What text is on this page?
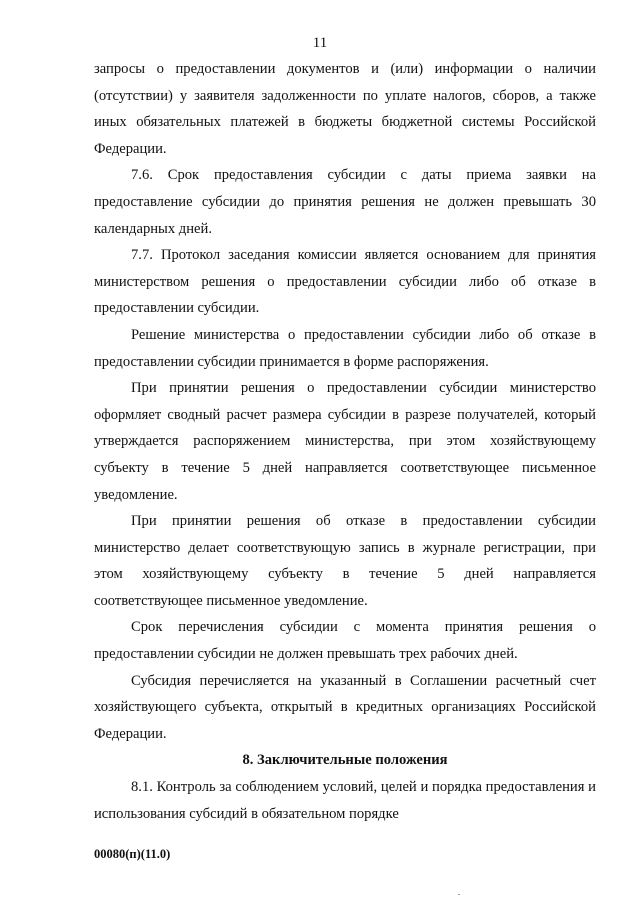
11

запросы о предоставлении документов и (или) информации о наличии (отсутствии) у заявителя задолженности по уплате налогов, сборов, а также иных обязательных платежей в бюджеты бюджетной системы Российской Федерации.

7.6. Срок предоставления субсидии с даты приема заявки на предоставление субсидии до принятия решения не должен превышать 30 календарных дней.

7.7. Протокол заседания комиссии является основанием для принятия министерством решения о предоставлении субсидии либо об отказе в предоставлении субсидии.

Решение министерства о предоставлении субсидии либо об отказе в предоставлении субсидии принимается в форме распоряжения.

При принятии решения о предоставлении субсидии министерство оформляет сводный расчет размера субсидии в разрезе получателей, который утверждается распоряжением министерства, при этом хозяйствующему субъекту в течение 5 дней направляется соответствующее письменное уведомление.

При принятии решения об отказе в предоставлении субсидии министерство делает соответствующую запись в журнале регистрации, при этом хозяйствующему субъекту в течение 5 дней направляется соответствующее письменное уведомление.

Срок перечисления субсидии с момента принятия решения о предоставлении субсидии не должен превышать трех рабочих дней.

Субсидия перечисляется на указанный в Соглашении расчетный счет хозяйствующего субъекта, открытый в кредитных организациях Российской Федерации.

8. Заключительные положения

8.1. Контроль за соблюдением условий, целей и порядка предоставления и использования субсидий в обязательном порядке

00080(п)(11.0)
